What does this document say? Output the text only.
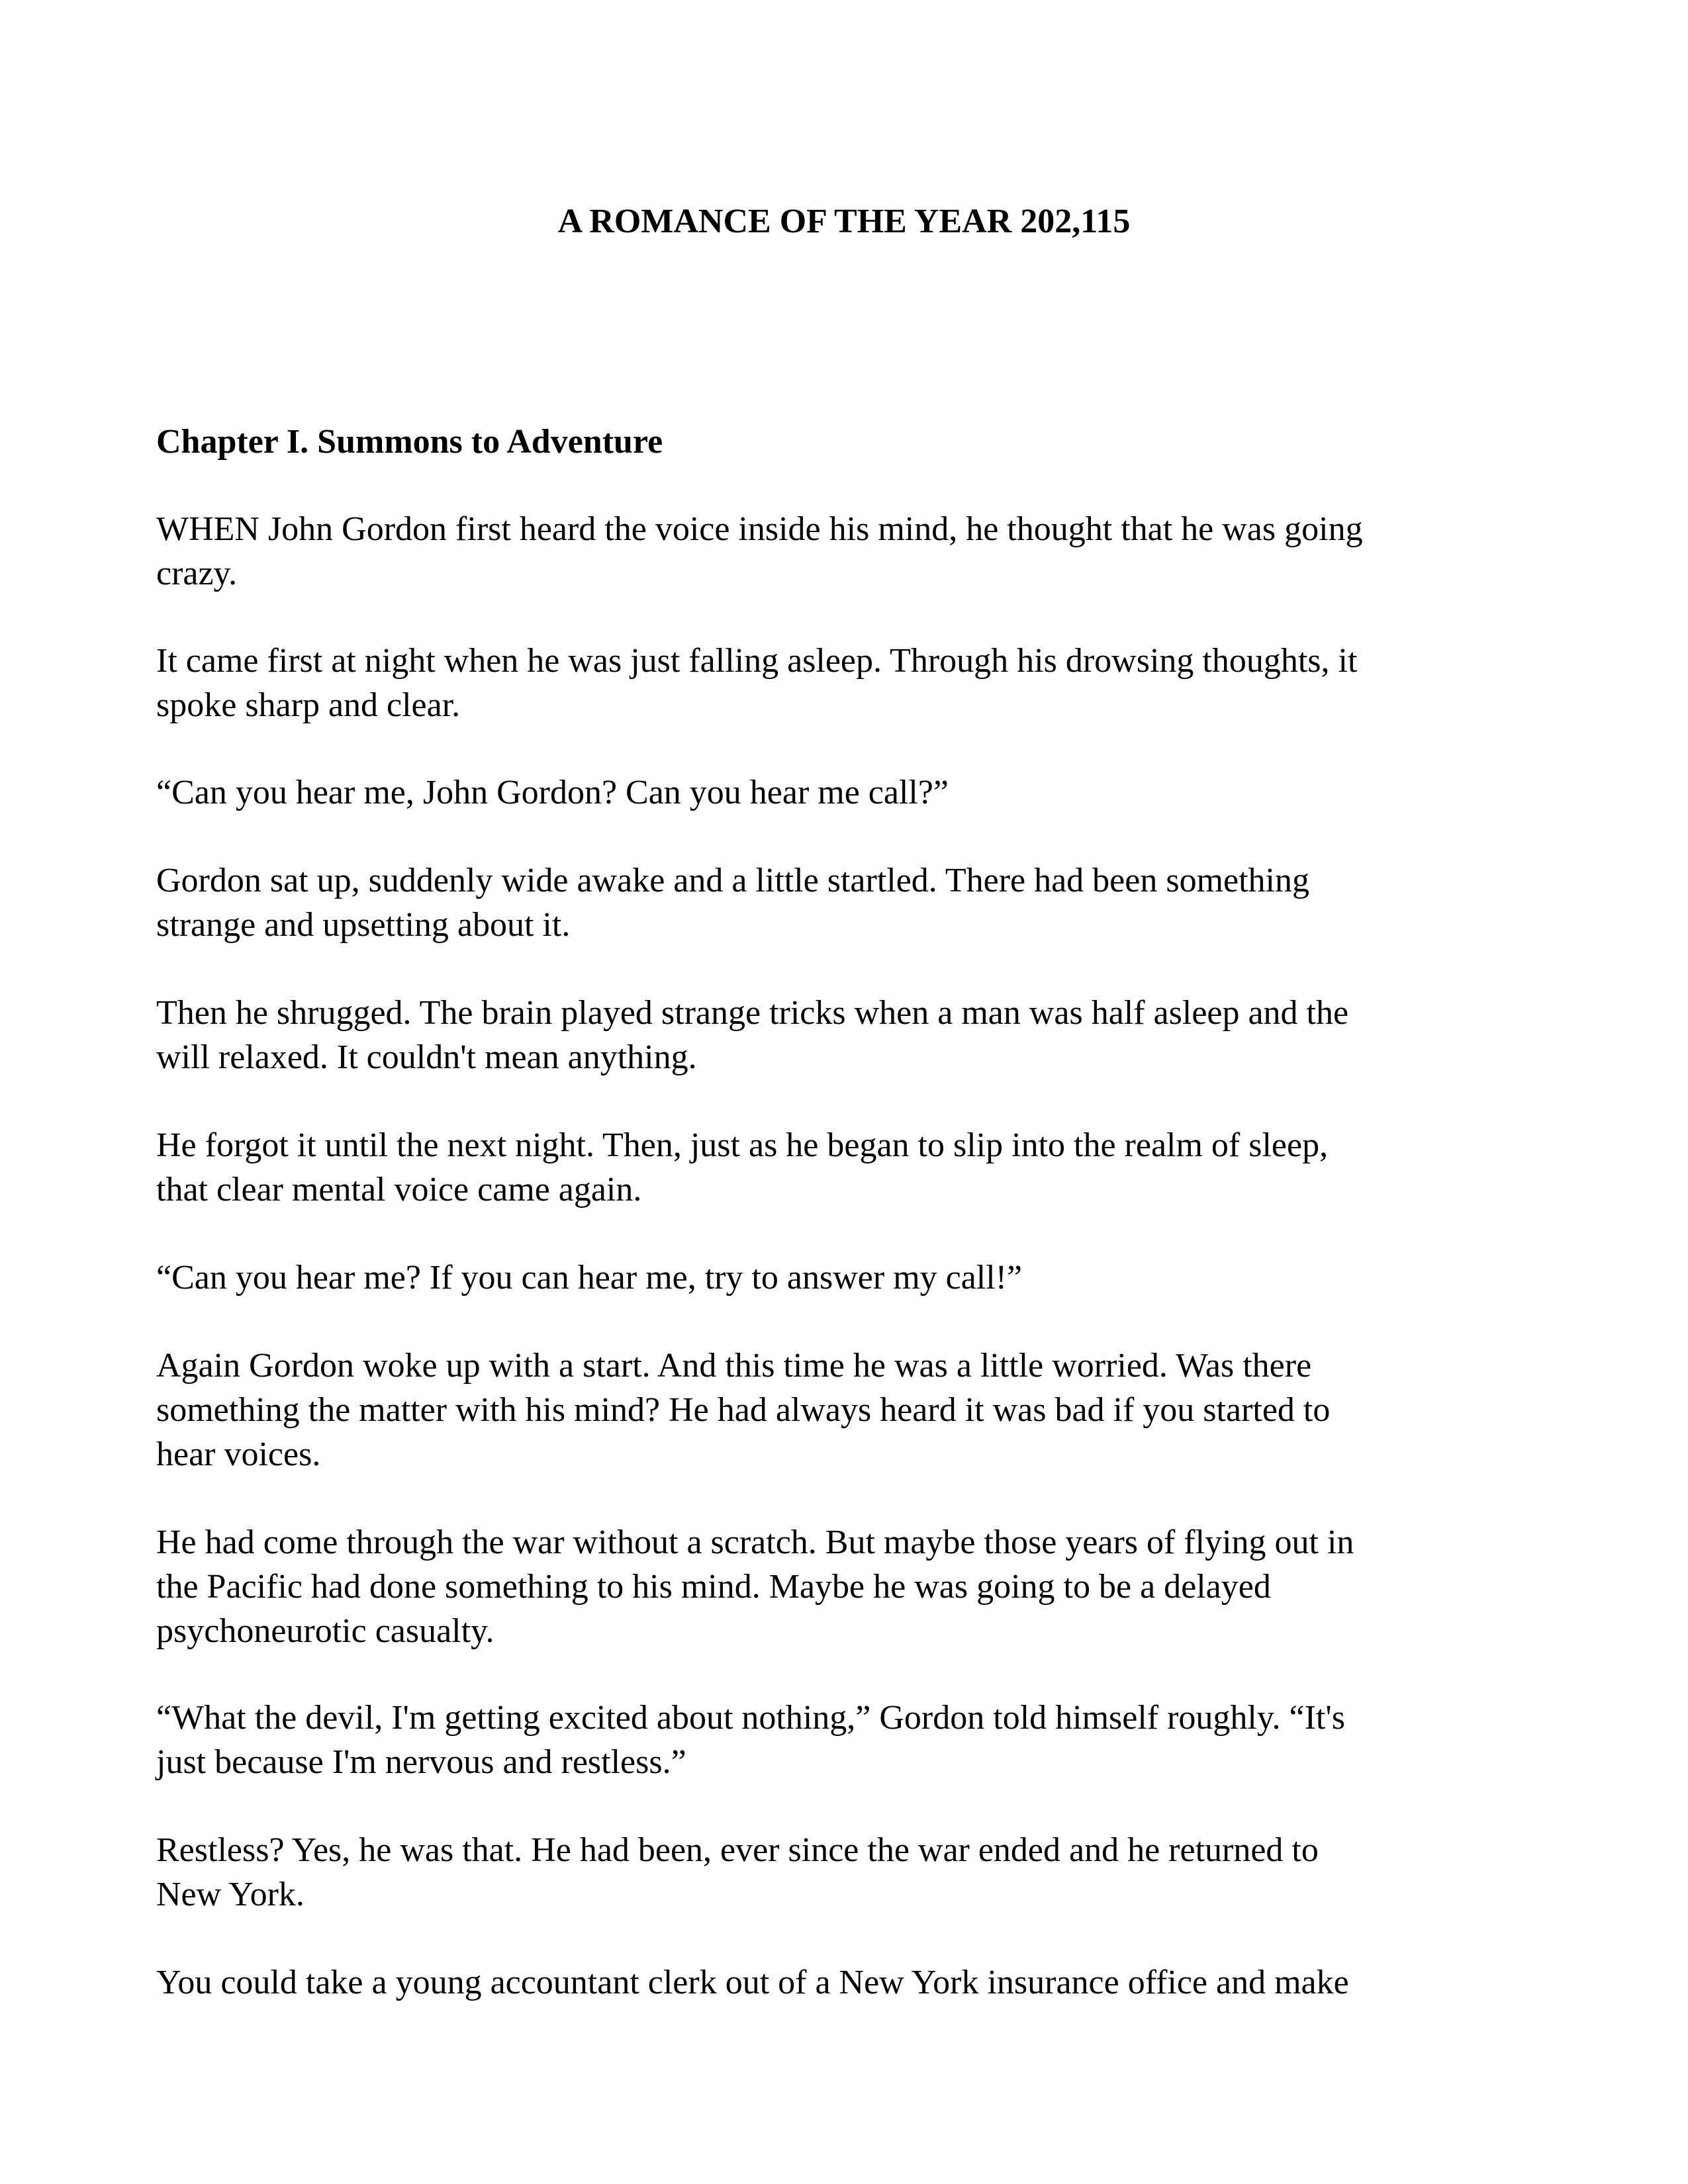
A ROMANCE OF THE YEAR 202,115
Chapter I. Summons to Adventure

WHEN John Gordon first heard the voice inside his mind, he thought that he was going
crazy.

It came first at night when he was just falling asleep. Through his drowsing thoughts, it
spoke sharp and clear.

“Can you hear me, John Gordon? Can you hear me call?”

Gordon sat up, suddenly wide awake and a little startled. There had been something
strange and upsetting about it.

Then he shrugged. The brain played strange tricks when a man was half asleep and the
will relaxed. It couldn't mean anything.

He forgot it until the next night. Then, just as he began to slip into the realm of sleep,
that clear mental voice came again.

“Can you hear me? If you can hear me, try to answer my call!”

Again Gordon woke up with a start. And this time he was a little worried. Was there
something the matter with his mind? He had always heard it was bad if you started to
hear voices.

He had come through the war without a scratch. But maybe those years of flying out in
the Pacific had done something to his mind. Maybe he was going to be a delayed
psychoneurotic casualty.

“What the devil, I'm getting excited about nothing,” Gordon told himself roughly. “It's
just because I'm nervous and restless.”

Restless? Yes, he was that. He had been, ever since the war ended and he returned to
New York.

You could take a young accountant clerk out of a New York insurance office and make
